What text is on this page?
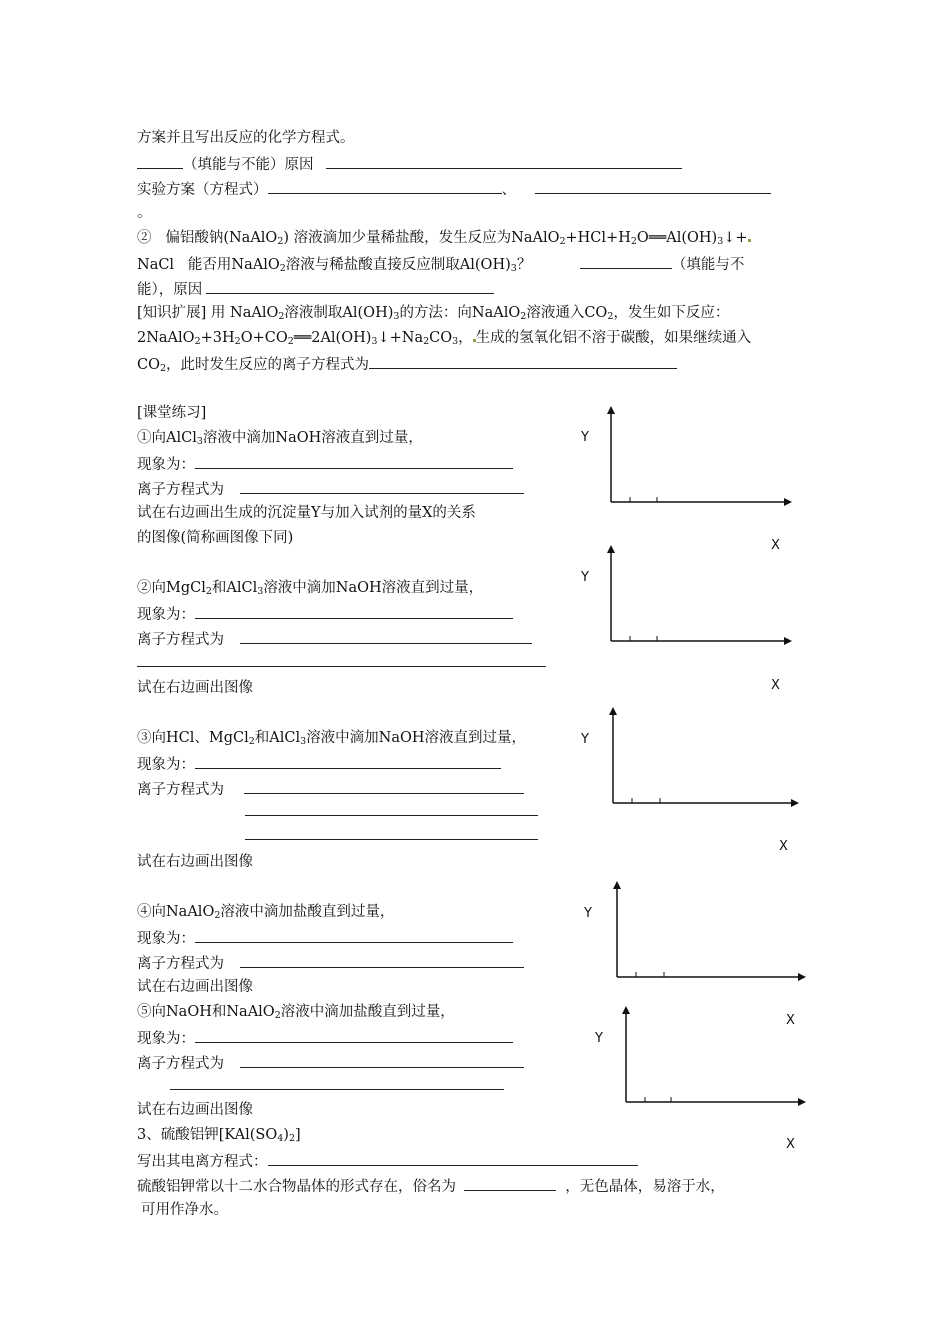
方案并且写出反应的化学方程式。
（填能与不能）原因
实验方案（方程式）	、
。
② 偏铝酸钠(NaAlO$_2$) 溶液滴加少量稀盐酸，发生反应为$NaAlO_2+HCl+H_2O══Al(OH)_3↓+$
NaCl 能否用NaAlO$_2$溶液与稀盐酸直接反应制取$Al(OH)_3$？	（填能与不
能），原因
[知识扩展] 用 NaAlO$_2$溶液制取$Al(OH)_3$的方法：向NaAlO$_2$溶液通入$CO_2$，发生如下反应：
$2NaAlO_2+3H_2O+CO_2══2Al(OH)_3↓+Na_2CO_3$， 生成的氢氧化铝不溶于碳酸，如果继续通入
$CO_2$，此时发生反应的离子方程式为
[课堂练习]
①向AlCl$_3$溶液中滴加NaOH溶液直到过量，
现象为：
离子方程式为
试在右边画出生成的沉淀量Y与加入试剂的量X的关系
的图像(简称画图像下同)
②向MgCl$_2$和AlCl$_3$溶液中滴加NaOH溶液直到过量，
现象为：
离子方程式为
试在右边画出图像
③向HCl、MgCl$_2$和AlCl$_3$溶液中滴加NaOH溶液直到过量，
现象为：
离子方程式为
试在右边画出图像
④向NaAlO$_2$溶液中滴加盐酸直到过量，
现象为：
离子方程式为
试在右边画出图像
⑤向NaOH和NaAlO$_2$溶液中滴加盐酸直到过量，
现象为：
离子方程式为
试在右边画出图像
3、硫酸铝钾$[KAl(SO_4)_2]$
写出其电离方程式：
硫酸铝钾常以十二水合物晶体的形式存在，俗名为	，无色晶体，易溶于水，
可用作净水。
Y
X
Y
X
Y
X
Y
X
Y
X
